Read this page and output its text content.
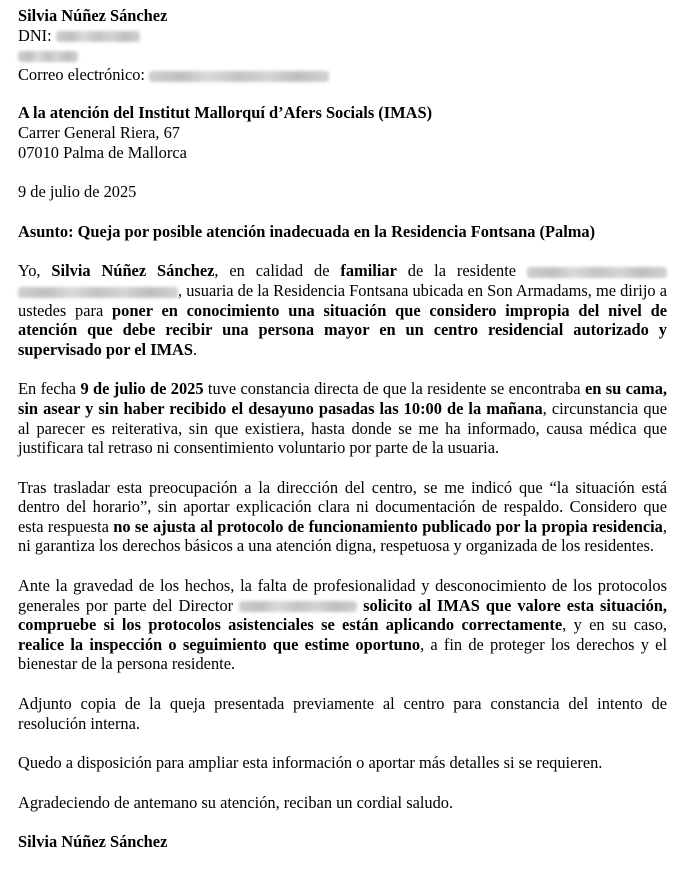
Silvia Núñez Sánchez

DNI:

Correo electrónico:

A la atención del Institut Mallorquí d’Afers Socials (IMAS)

Carrer General Riera, 67

07010 Palma de Mallorca

9 de julio de 2025

Asunto: Queja por posible atención inadecuada en la Residencia Fontsana (Palma)

Yo, Silvia Núñez Sánchez, en calidad de familiar de la residente  , usuaria de la Residencia Fontsana ubicada en Son Armadams, me dirijo a ustedes para poner en conocimiento una situación que considero impropia del nivel de atención que debe recibir una persona mayor en un centro residencial autorizado y supervisado por el IMAS.

En fecha 9 de julio de 2025 tuve constancia directa de que la residente se encontraba en su cama, sin asear y sin haber recibido el desayuno pasadas las 10:00 de la mañana, circunstancia que al parecer es reiterativa, sin que existiera, hasta donde se me ha informado, causa médica que justificara tal retraso ni consentimiento voluntario por parte de la usuaria.

Tras trasladar esta preocupación a la dirección del centro, se me indicó que “la situación está dentro del horario”, sin aportar explicación clara ni documentación de respaldo. Considero que esta respuesta no se ajusta al protocolo de funcionamiento publicado por la propia residencia, ni garantiza los derechos básicos a una atención digna, respetuosa y organizada de los residentes.

Ante la gravedad de los hechos, la falta de profesionalidad y desconocimiento de los protocolos generales por parte del Director	solicito al IMAS que valore esta situación, compruebe si los protocolos asistenciales se están aplicando correctamente, y en su caso, realice la inspección o seguimiento que estime oportuno, a fin de proteger los derechos y el bienestar de la persona residente.

Adjunto copia de la queja presentada previamente al centro para constancia del intento de resolución interna.

Quedo a disposición para ampliar esta información o aportar más detalles si se requieren.

Agradeciendo de antemano su atención, reciban un cordial saludo.

Silvia Núñez Sánchez
